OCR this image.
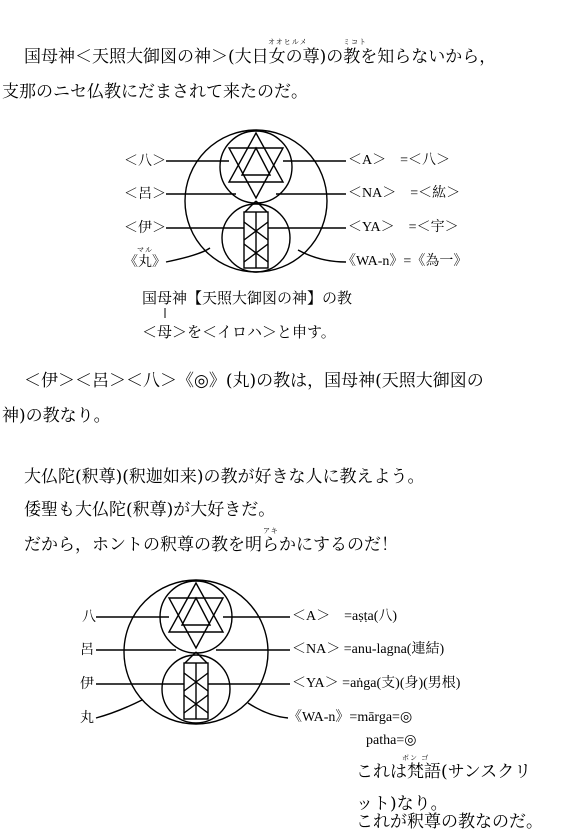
オオヒルメ	ミコト
国母神＜天照大御図の神＞(大日女の尊)の教を知らないから，
支那のニセ仏教にだまされて来たのだ。
＜八＞
＜呂＞
＜伊＞
マル
《丸》
＜A＞　=＜八＞
＜NA＞　=＜紘＞
＜YA＞　=＜宇＞
《WA-n》=《為一》
国母神【天照大御図の神】の教
＜母＞を＜イロハ＞と申す。
＜伊＞＜呂＞＜八＞《◎》(丸)の教は，国母神(天照大御図の
神)の教なり。
大仏陀(釈尊)(釈迦如来)の教が好きな人に教えよう。
倭聖も大仏陀(釈尊)が大好きだ。
アキ
だから，ホントの釈尊の教を明らかにするのだ！
八
呂
伊
丸
＜A＞　=aṣṭa(八)
＜NA＞ =anu-lagna(連結)
＜YA＞ =aṅga(支)(身)(男根)
《WA-n》=mārga=◎
patha=◎
ボン ゴ
これは梵語(サンスクリ
ット)なり。
これが釈尊の教なのだ。
